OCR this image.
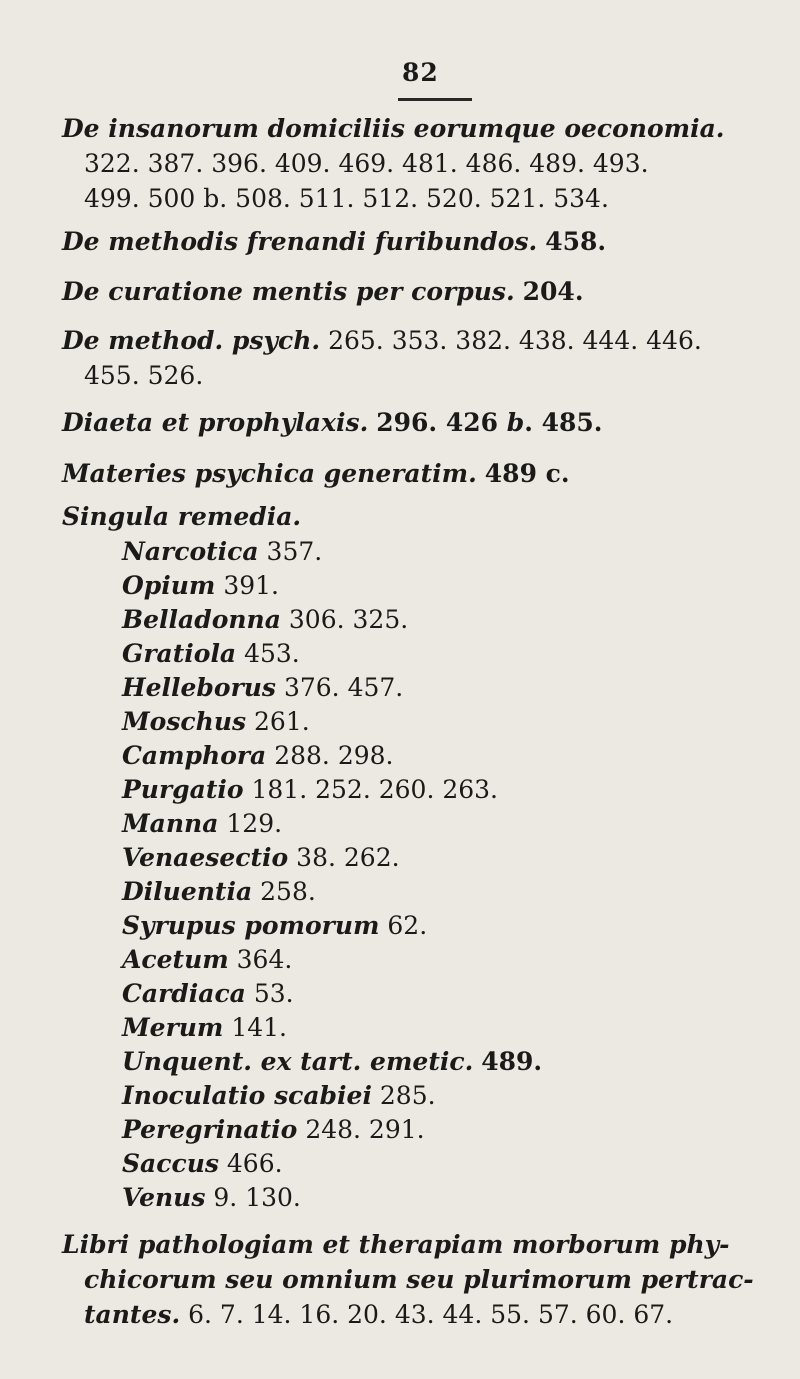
82
De insanorum domiciliis eorumque oeconomia.
322. 387. 396. 409. 469. 481. 486. 489. 493.
499. 500 b. 508. 511. 512. 520. 521. 534.
De methodis frenandi furibundos. 458.
De curatione mentis per corpus. 204.
De method. psych. 265. 353. 382. 438. 444. 446.
455. 526.
Diaeta et prophylaxis. 296. 426 b. 485.
Materies psychica generatim. 489 c.
Singula remedia.
Narcotica 357.
Opium 391.
Belladonna 306. 325.
Gratiola 453.
Helleborus 376. 457.
Moschus 261.
Camphora 288. 298.
Purgatio 181. 252. 260. 263.
Manna 129.
Venaesectio 38. 262.
Diluentia 258.
Syrupus pomorum 62.
Acetum 364.
Cardiaca 53.
Merum 141.
Unquent. ex tart. emetic. 489.
Inoculatio scabiei 285.
Peregrinatio 248. 291.
Saccus 466.
Venus 9. 130.
Libri pathologiam et therapiam morborum phy-
chicorum seu omnium seu plurimorum pertrac-
tantes. 6. 7. 14. 16. 20. 43. 44. 55. 57. 60. 67.
